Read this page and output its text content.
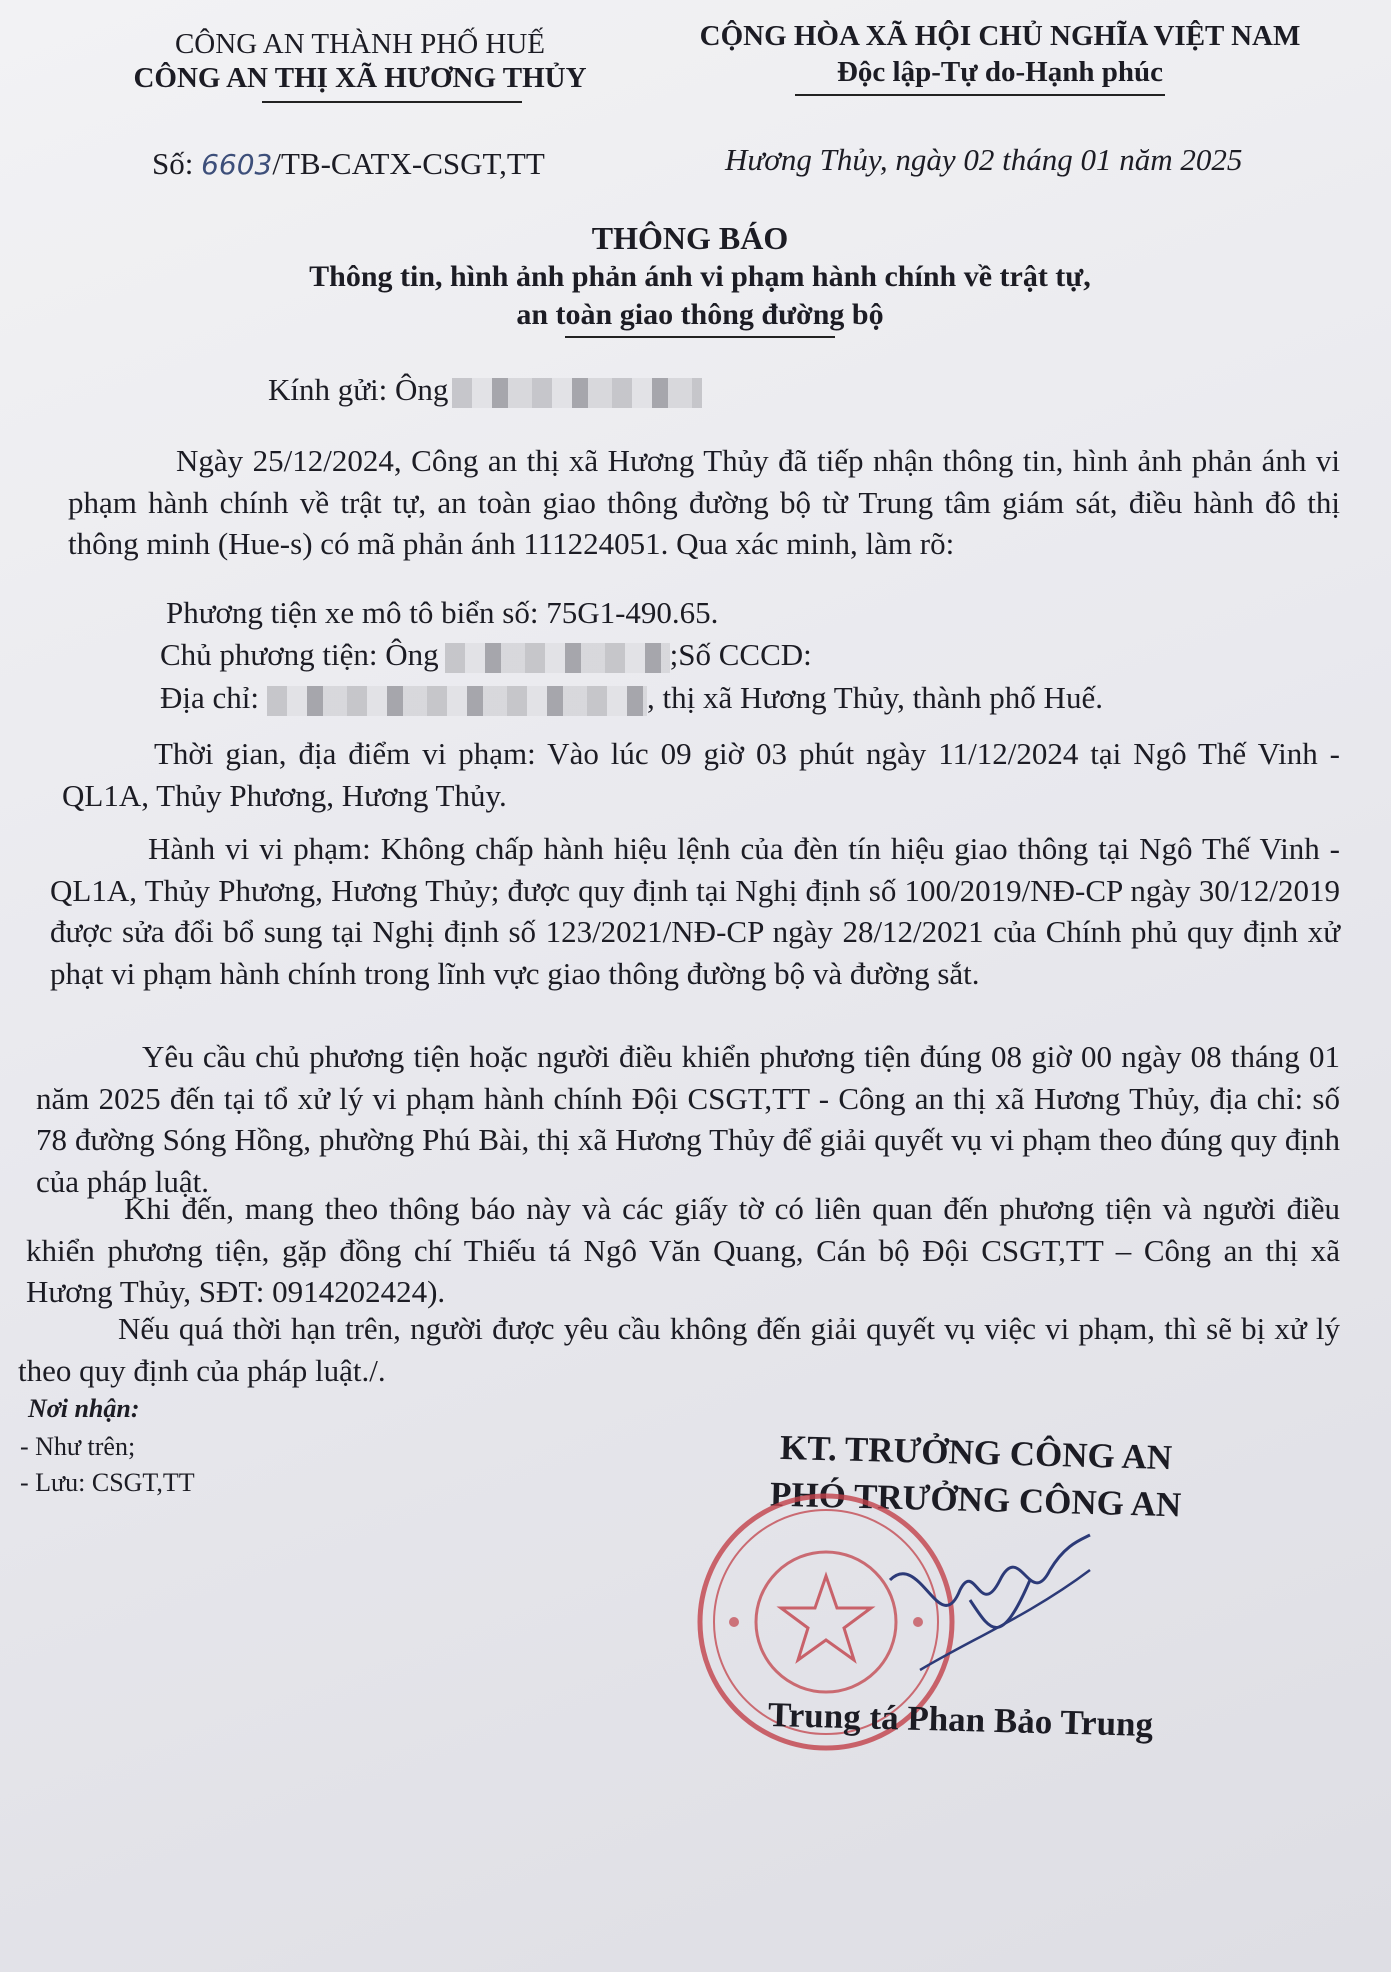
CÔNG AN THÀNH PHỐ HUẾ
CÔNG AN THỊ XÃ HƯƠNG THỦY
CỘNG HÒA XÃ HỘI CHỦ NGHĨA VIỆT NAM
Độc lập-Tự do-Hạnh phúc
Số: 6603/TB-CATX-CSGT,TT	Hương Thủy, ngày 02 tháng 01 năm 2025
THÔNG BÁO
Thông tin, hình ảnh phản ánh vi phạm hành chính về trật tự,
an toàn giao thông đường bộ
Kính gửi: Ông
Ngày 25/12/2024, Công an thị xã Hương Thủy đã tiếp nhận thông tin, hình ảnh phản ánh vi phạm hành chính về trật tự, an toàn giao thông đường bộ từ Trung tâm giám sát, điều hành đô thị thông minh (Hue-s) có mã phản ánh 111224051. Qua xác minh, làm rõ:
Phương tiện xe mô tô biển số: 75G1-490.65.
Chủ phương tiện: Ông	;Số CCCD:
Địa chỉ:	, thị xã Hương Thủy, thành phố Huế.
Thời gian, địa điểm vi phạm: Vào lúc 09 giờ 03 phút ngày 11/12/2024 tại Ngô Thế Vinh - QL1A, Thủy Phương, Hương Thủy.
Hành vi vi phạm: Không chấp hành hiệu lệnh của đèn tín hiệu giao thông tại Ngô Thế Vinh - QL1A, Thủy Phương, Hương Thủy; được quy định tại Nghị định số 100/2019/NĐ-CP ngày 30/12/2019 được sửa đổi bổ sung tại Nghị định số 123/2021/NĐ-CP ngày 28/12/2021 của Chính phủ quy định xử phạt vi phạm hành chính trong lĩnh vực giao thông đường bộ và đường sắt.
Yêu cầu chủ phương tiện hoặc người điều khiển phương tiện đúng 08 giờ 00 ngày 08 tháng 01 năm 2025 đến tại tổ xử lý vi phạm hành chính Đội CSGT,TT - Công an thị xã Hương Thủy, địa chỉ: số 78 đường Sóng Hồng, phường Phú Bài, thị xã Hương Thủy để giải quyết vụ vi phạm theo đúng quy định của pháp luật.
Khi đến, mang theo thông báo này và các giấy tờ có liên quan đến phương tiện và người điều khiển phương tiện, gặp đồng chí Thiếu tá Ngô Văn Quang, Cán bộ Đội CSGT,TT – Công an thị xã Hương Thủy, SĐT: 0914202424).
Nếu quá thời hạn trên, người được yêu cầu không đến giải quyết vụ việc vi phạm, thì sẽ bị xử lý theo quy định của pháp luật./.
Nơi nhận:
- Như trên;
- Lưu: CSGT,TT
KT. TRƯỞNG CÔNG AN
PHÓ TRƯỞNG CÔNG AN
Trung tá Phan Bảo Trung
